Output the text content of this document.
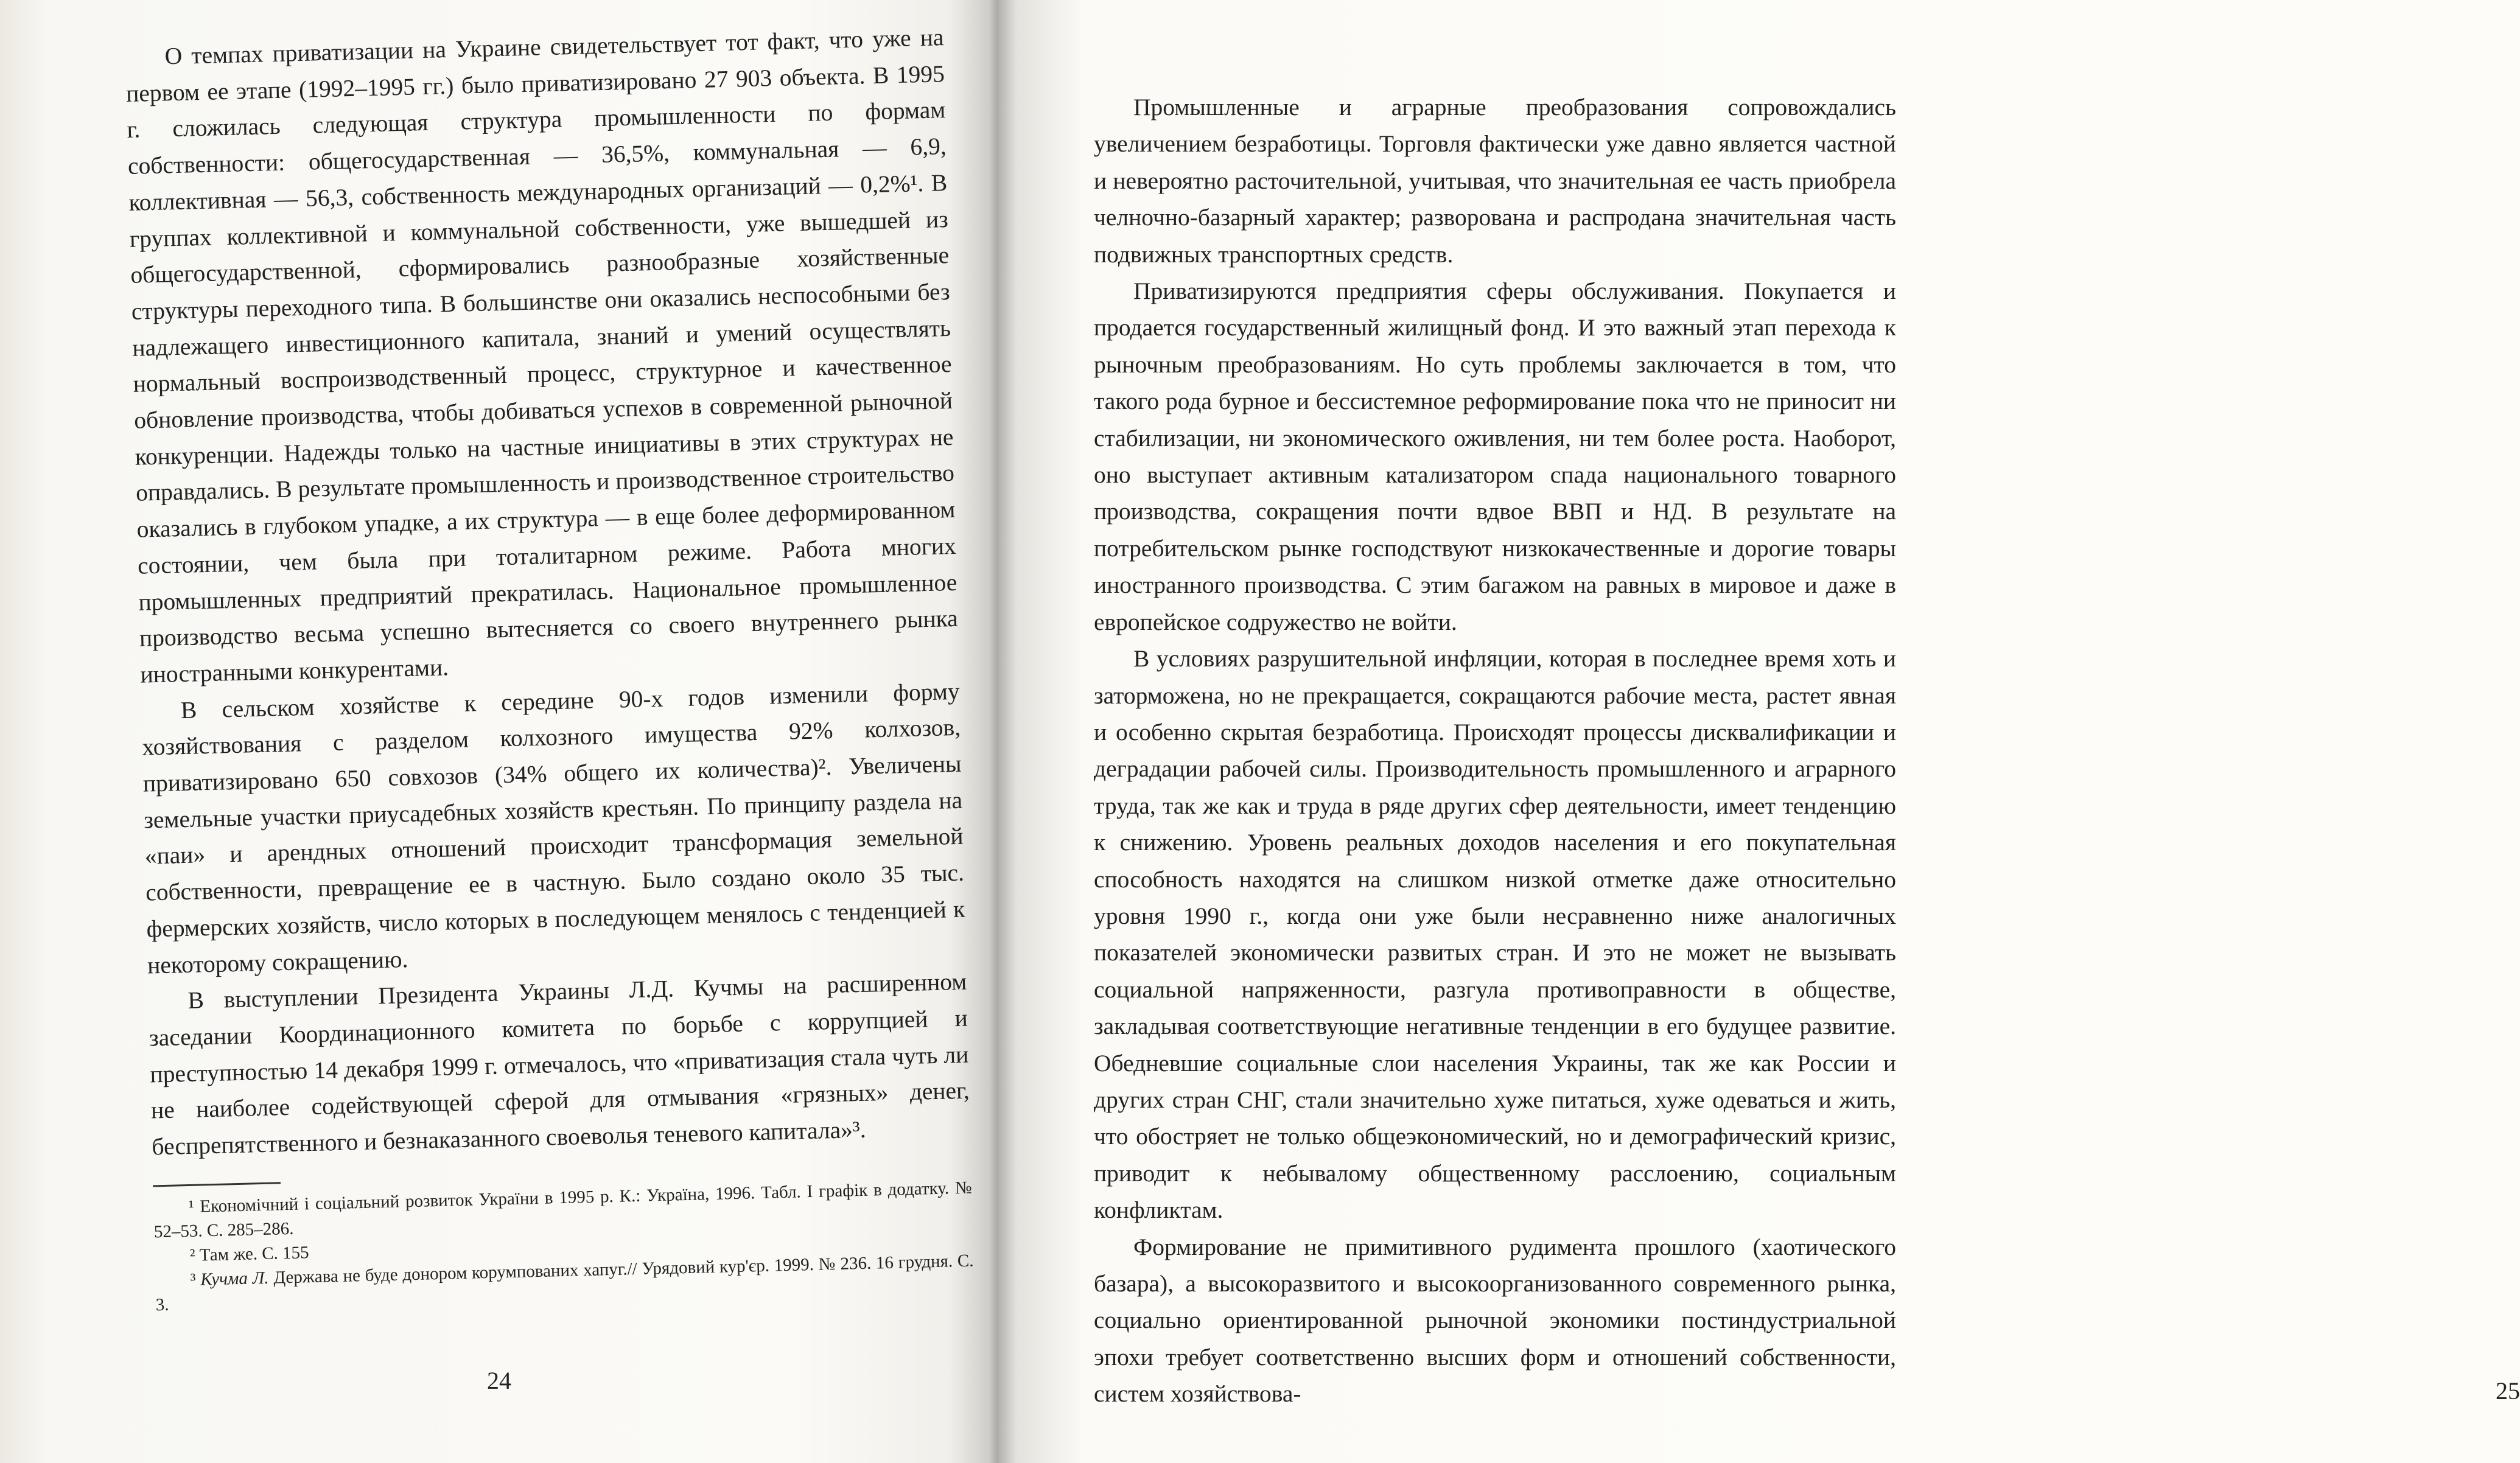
О темпах приватизации на Украине свидетельствует тот факт, что уже на первом ее этапе (1992–1995 гг.) было приватизировано 27 903 объекта. В 1995 г. сложилась следующая структура промышленности по формам собственности: общегосударственная — 36,5%, коммунальная — 6,9, коллективная — 56,3, собственность международных организаций — 0,2%¹. В группах коллективной и коммунальной собственности, уже вышедшей из общегосударственной, сформировались разнообразные хозяйственные структуры переходного типа. В большинстве они оказались неспособными без надлежащего инвестиционного капитала, знаний и умений осуществлять нормальный воспроизводственный процесс, структурное и качественное обновление производства, чтобы добиваться успехов в современной рыночной конкуренции. Надежды только на частные инициативы в этих структурах не оправдались. В результате промышленность и производственное строительство оказались в глубоком упадке, а их структура — в еще более деформированном состоянии, чем была при тоталитарном режиме. Работа многих промышленных предприятий прекратилась. Национальное промышленное производство весьма успешно вытесняется со своего внутреннего рынка иностранными конкурентами.

В сельском хозяйстве к середине 90-х годов изменили форму хозяйствования с разделом колхозного имущества 92% колхозов, приватизировано 650 совхозов (34% общего их количества)². Увеличены земельные участки приусадебных хозяйств крестьян. По принципу раздела на «паи» и арендных отношений происходит трансформация земельной собственности, превращение ее в частную. Было создано около 35 тыс. фермерских хозяйств, число которых в последующем менялось с тенденцией к некоторому сокращению.

В выступлении Президента Украины Л.Д. Кучмы на расширенном заседании Координационного комитета по борьбе с коррупцией и преступностью 14 декабря 1999 г. отмечалось, что «приватизация стала чуть ли не наиболее содействующей сферой для отмывания «грязных» денег, беспрепятственного и безнаказанного своеволья теневого капитала»³.

¹ Економічний і соціальний розвиток України в 1995 р. К.: Україна, 1996. Табл. І графік в додатку. № 52–53. С. 285–286.

² Там же. С. 155

³ Кучма Л. Держава не буде донором корумпованих хапуг.// Урядовий кур'єр. 1999. № 236. 16 грудня. С. 3.

24

Промышленные и аграрные преобразования сопровождались увеличением безработицы. Торговля фактически уже давно является частной и невероятно расточительной, учитывая, что значительная ее часть приобрела челночно-базарный характер; разворована и распродана значительная часть подвижных транспортных средств.

Приватизируются предприятия сферы обслуживания. Покупается и продается государственный жилищный фонд. И это важный этап перехода к рыночным преобразованиям. Но суть проблемы заключается в том, что такого рода бурное и бессистемное реформирование пока что не приносит ни стабилизации, ни экономического оживления, ни тем более роста. Наоборот, оно выступает активным катализатором спада национального товарного производства, сокращения почти вдвое ВВП и НД. В результате на потребительском рынке господствуют низкокачественные и дорогие товары иностранного производства. С этим багажом на равных в мировое и даже в европейское содружество не войти.

В условиях разрушительной инфляции, которая в последнее время хоть и заторможена, но не прекращается, сокращаются рабочие места, растет явная и особенно скрытая безработица. Происходят процессы дисквалификации и деградации рабочей силы. Производительность промышленного и аграрного труда, так же как и труда в ряде других сфер деятельности, имеет тенденцию к снижению. Уровень реальных доходов населения и его покупательная способность находятся на слишком низкой отметке даже относительно уровня 1990 г., когда они уже были несравненно ниже аналогичных показателей экономически развитых стран. И это не может не вызывать социальной напряженности, разгула противоправности в обществе, закладывая соответствующие негативные тенденции в его будущее развитие. Обедневшие социальные слои населения Украины, так же как России и других стран СНГ, стали значительно хуже питаться, хуже одеваться и жить, что обостряет не только общеэкономический, но и демографический кризис, приводит к небывалому общественному расслоению, социальным конфликтам.

Формирование не примитивного рудимента прошлого (хаотического базара), а высокоразвитого и высокоорганизованного современного рынка, социально ориентированной рыночной экономики постиндустриальной эпохи требует соответственно высших форм и отношений собственности, систем хозяйствова-	25
